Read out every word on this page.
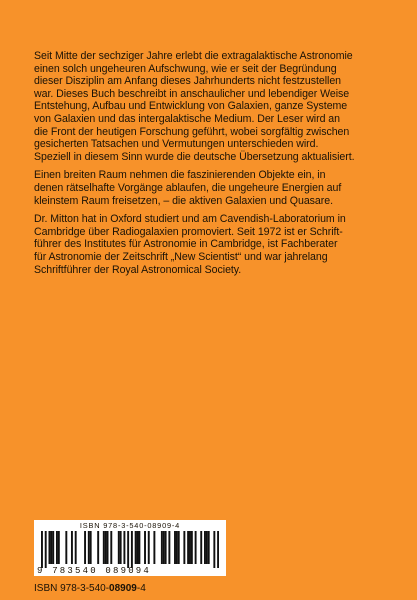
Seit Mitte der sechziger Jahre erlebt die extragalaktische Astronomie
einen solch ungeheuren Aufschwung, wie er seit der Begründung
dieser Disziplin am Anfang dieses Jahrhunderts nicht festzustellen
war. Dieses Buch beschreibt in anschaulicher und lebendiger Weise
Entstehung, Aufbau und Entwicklung von Galaxien, ganze Systeme
von Galaxien und das intergalaktische Medium. Der Leser wird an
die Front der heutigen Forschung geführt, wobei sorgfältig zwischen
gesicherten Tatsachen und Vermutungen unterschieden wird.
Speziell in diesem Sinn wurde die deutsche Übersetzung aktualisiert.

Einen breiten Raum nehmen die faszinierenden Objekte ein, in
denen rätselhafte Vorgänge ablaufen, die ungeheure Energien auf
kleinstem Raum freisetzen, – die aktiven Galaxien und Quasare.

Dr. Mitton hat in Oxford studiert und am Cavendish-Laboratorium in
Cambridge über Radiogalaxien promoviert. Seit 1972 ist er Schrift-
führer des Institutes für Astronomie in Cambridge, ist Fachberater
für Astronomie der Zeitschrift „New Scientist“ und war jahrelang
Schriftführer der Royal Astronomical Society.

ISBN 978-3-540-08909-4
9 783540 089094
ISBN 978-3-540-08909-4
